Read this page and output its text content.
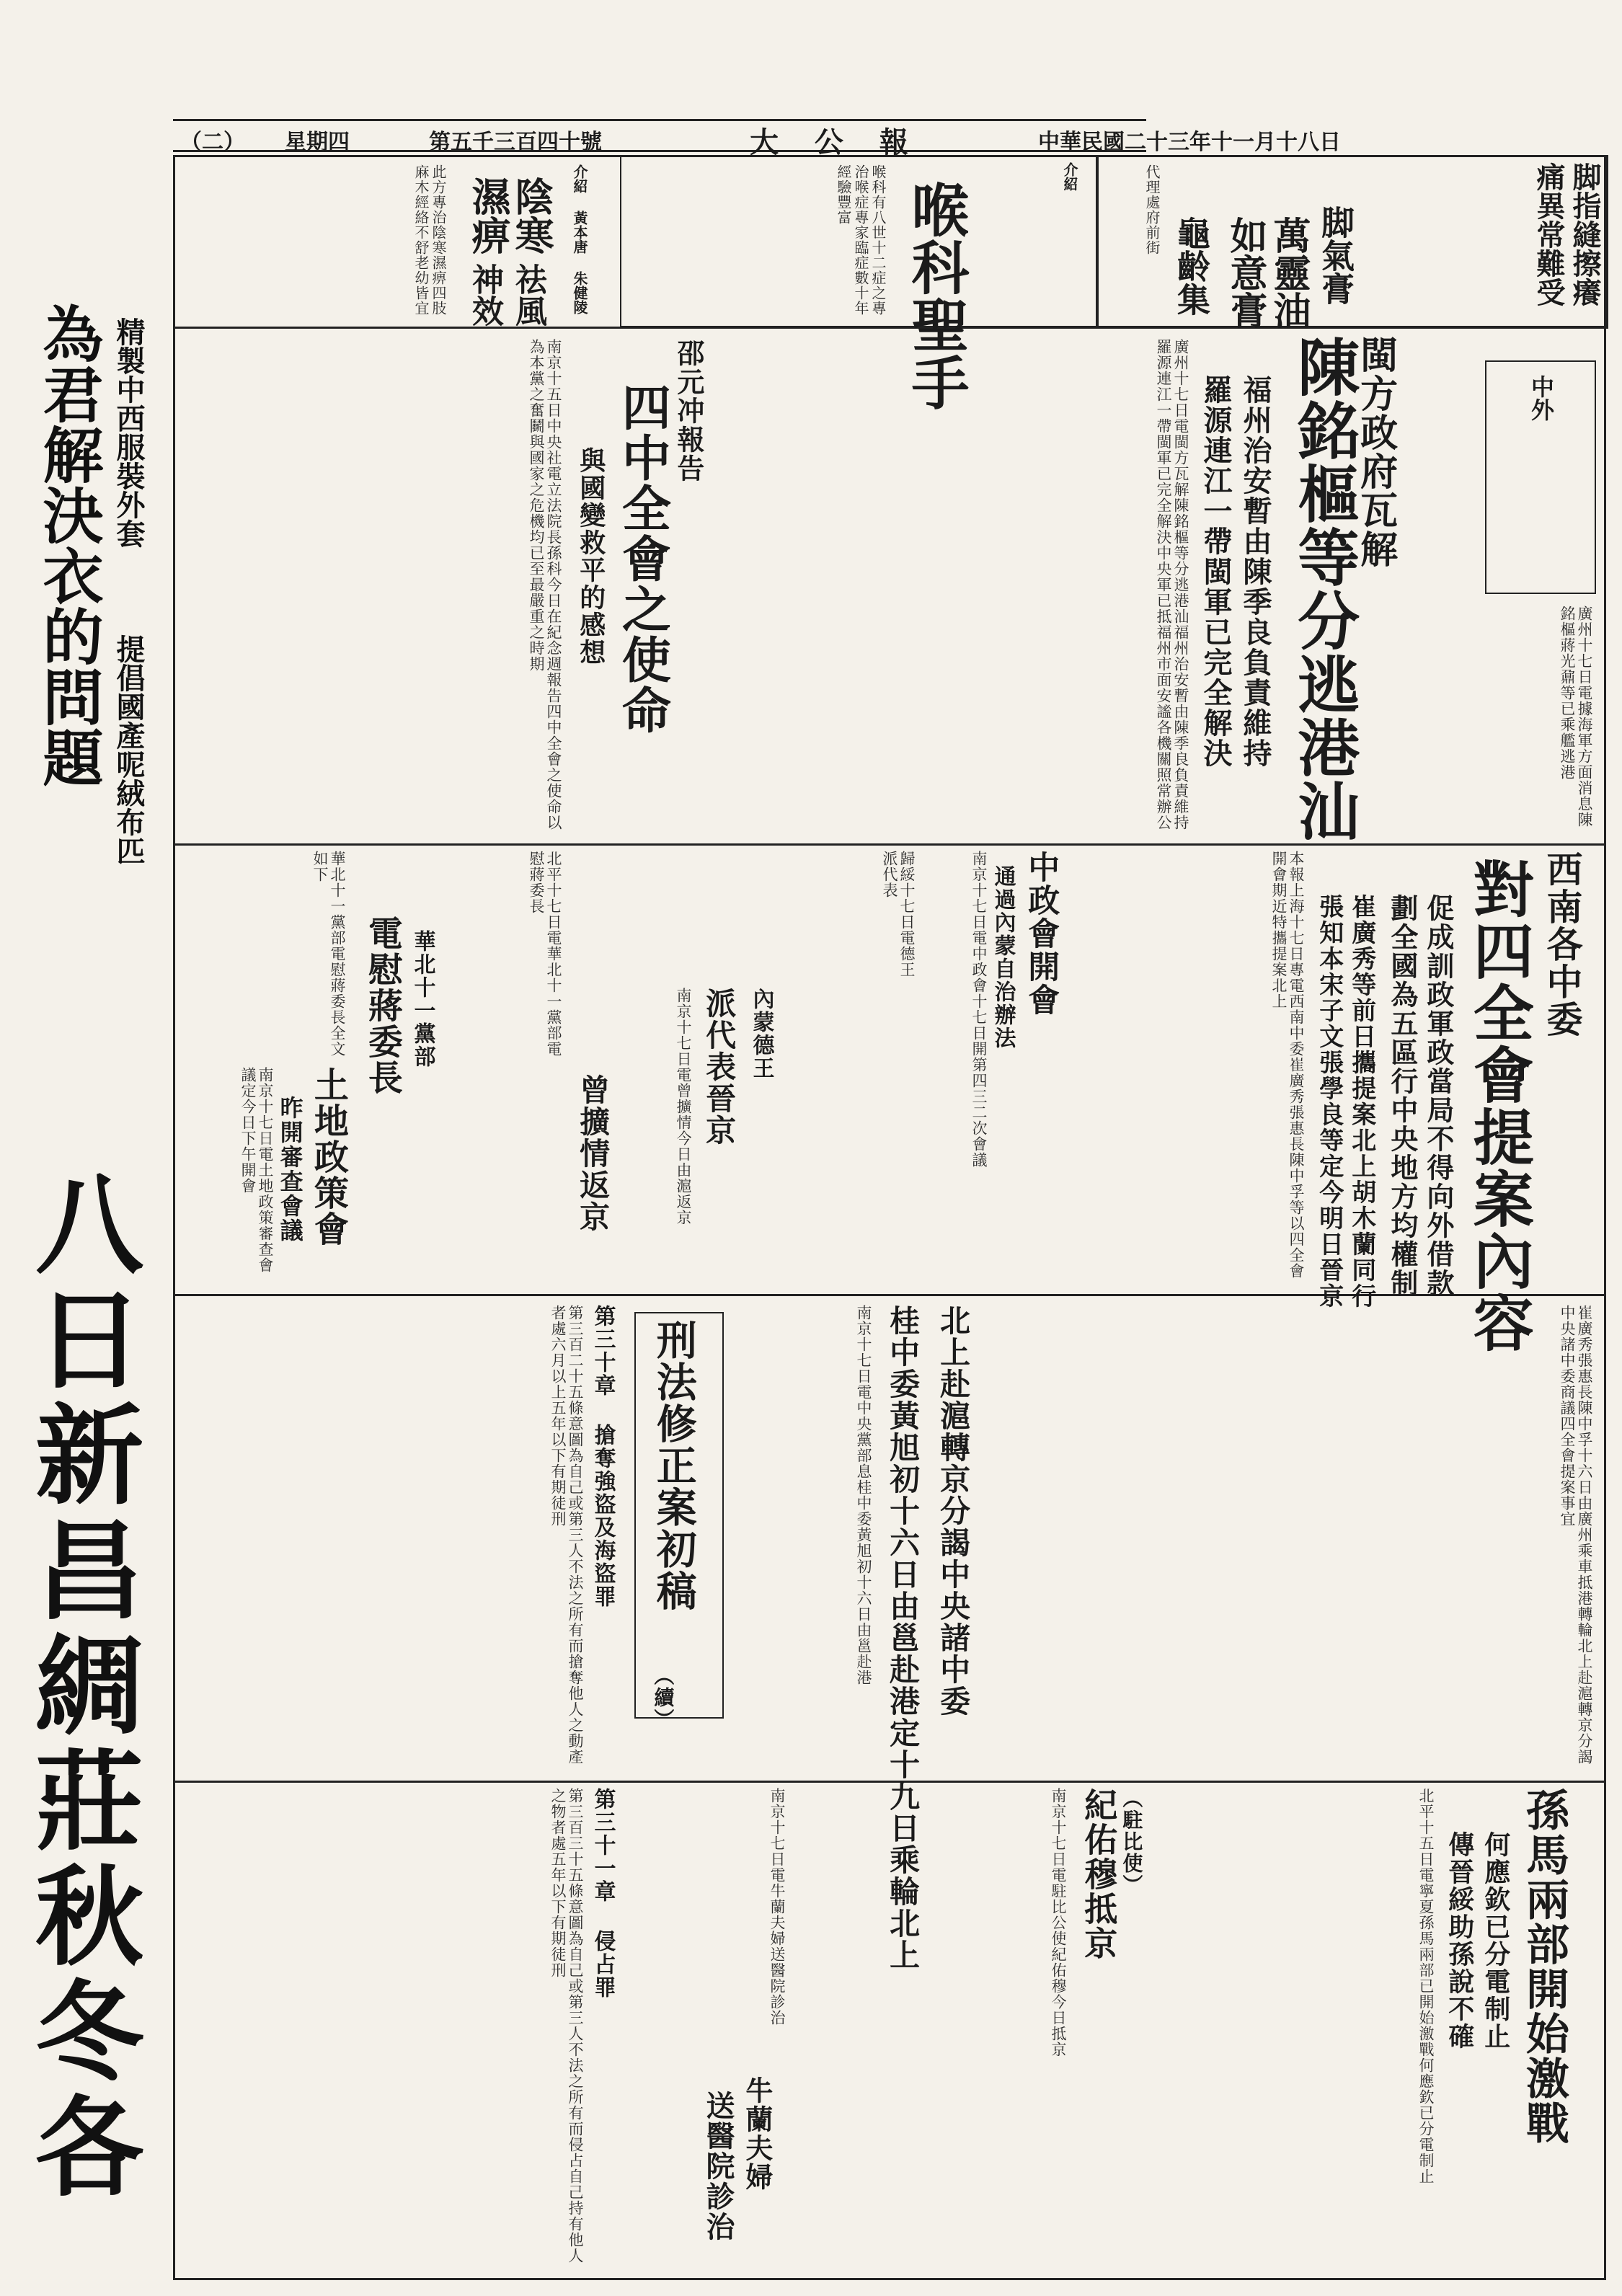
中華民國二十三年十一月十八日
大 公 報
第五千三百四十號
星期四
（二）
為君解決衣的問題 精製中西服裝外套
提倡國產呢絨布匹
八日新昌綢莊秋冬各
脚指縫擦癢
痛異常難受
萬靈油 脚氣膏
如意膏
龜齡集
代理處府前街
介紹
喉科聖手
喉科有八世十二症之專治喉症專家臨症數十年經驗豐富
陰寒
濕痹
祛風
神效	介紹 黃本唐 朱健陵
此方專治陰寒濕痹四肢麻木經絡不舒老幼皆宜
中外
閩方政府瓦解
陳銘樞等分逃港汕
福州治安暫由陳季良負責維持
羅源連江一帶閩軍已完全解決
廣州十七日電閩方瓦解陳銘樞等分逃港汕福州治安暫由陳季良負責維持羅源連江一帶閩軍已完全解決中央軍已抵福州市面安謐各機關照常辦公	廣州十七日電據海軍方面消息陳銘樞蔣光鼐等已乘艦逃港
邵元冲報告
四中全會之使命
與國變救平的感想
南京十五日中央社電立法院長孫科今日在紀念週報告四中全會之使命以為本黨之奮鬭與國家之危機均已至最嚴重之時期
西南各中委
對四全會提案內容
促成訓政軍政當局不得向外借款
劃全國為五區行中央地方均權制
崔廣秀等前日攜提案北上胡木蘭同行
張知本宋子文張學良等定今明日晉京
本報上海十七日專電西南中委崔廣秀張惠長陳中孚等以四全會開會期近特攜提案北上
中政會開會
通過內蒙自治辦法
南京十七日電中政會十七日開第四三二次會議
內蒙德王
派代表晉京
歸綏十七日電德王派代表
曾擴情返京	南京十七日電曾擴情今日由滬返京
土地政策會
昨開審查會議
南京十七日電土地政策審查會議定今日下午開會
華北十一黨部
電慰蔣委長	北平十七日電華北十一黨部電慰蔣委長
華北十一黨部電慰蔣委長全文如下
北上赴滬轉京分謁中央諸中委
桂中委黃旭初十六日由邕赴港定十九日乘輪北上	崔廣秀張惠長陳中孚十六日由廣州乘車抵港轉輪北上赴滬轉京分謁中央諸中委商議四全會提案事宜
南京十七日電中央黨部息桂中委黃旭初十六日由邕赴港
刑法修正案初稿
（續）
第三十章 搶奪強盜及海盜罪
第三百二十五條意圖為自己或第三人不法之所有而搶奪他人之動產者處六月以上五年以下有期徒刑
孫馬兩部開始激戰
何應欽已分電制止
傳晉綏助孫說不確
北平十五日電寧夏孫馬兩部已開始激戰何應欽已分電制止
紀佑穆抵京 （駐比使）
南京十七日電駐比公使紀佑穆今日抵京
牛蘭夫婦
送醫院診治
南京十七日電牛蘭夫婦送醫院診治
第三十一章 侵占罪
第三百三十五條意圖為自己或第三人不法之所有而侵占自己持有他人之物者處五年以下有期徒刑
